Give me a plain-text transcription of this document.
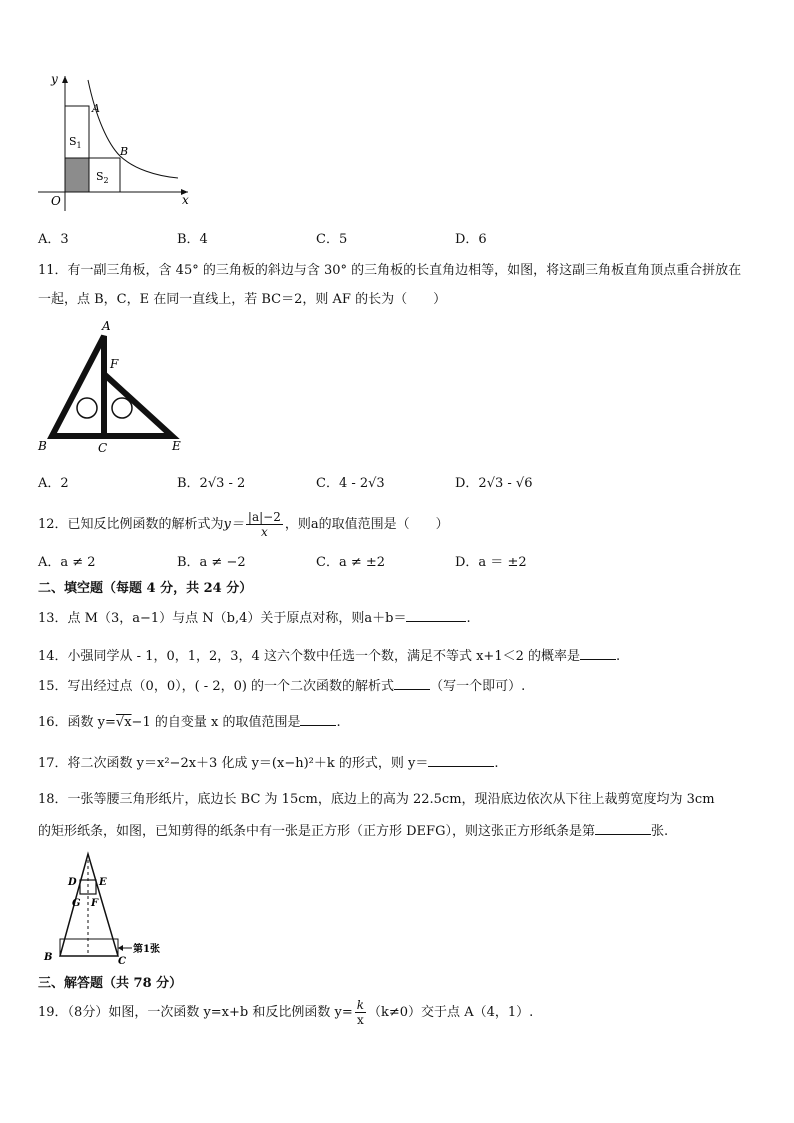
y
x
O
A
B
$S_1$
$S_2$
A．3	B．4	C．5	D．6
11．有一副三角板，含 45° 的三角板的斜边与含 30° 的三角板的长直角边相等，如图，将这副三角板直角顶点重合拼放在一起，点 B，C，E 在同一直线上，若 BC＝2，则 AF 的长为（　　）
A
F
B	C	E
A．2	B．2√3 - 2	C．4 - 2√3	D．2√3 - √6
12．已知反比例函数的解析式为$y= \frac{|a|-2}{x}$ ，则a的取值范围是（　　）
A．a ≠ 2	B．a ≠ −2	C．a ≠ ±2	D．a ＝ ±2
二、填空题（每题 4 分，共 24 分）
13．点 M（3，a−1）与点 N（b,4）关于原点对称，则a＋b＝	.
14．小强同学从 - 1，0，1，2，3，4 这六个数中任选一个数，满足不等式 x+1＜2 的概率是	.
15．写出经过点（0，0），( - 2，0) 的一个二次函数的解析式	（写一个即可）.
16．函数 y=√x−1 的自变量 x 的取值范围是	.
17．将二次函数 y＝x²−2x＋3 化成 y＝(x−h)²＋k 的形式，则 y＝	.
18．一张等腰三角形纸片，底边长 BC 为 15cm，底边上的高为 22.5cm，现沿底边依次从下往上裁剪宽度均为 3cm
的矩形纸条，如图，已知剪得的纸条中有一张是正方形（正方形 DEFG），则这张正方形纸条是第	张.
D E
G F
B	C
第1张
三、解答题（共 78 分）
19．（8分）如图，一次函数 y=x+b 和反比例函数 $y= \frac{k}{x} (k\ne 0)$交于点 A（4，1）.
